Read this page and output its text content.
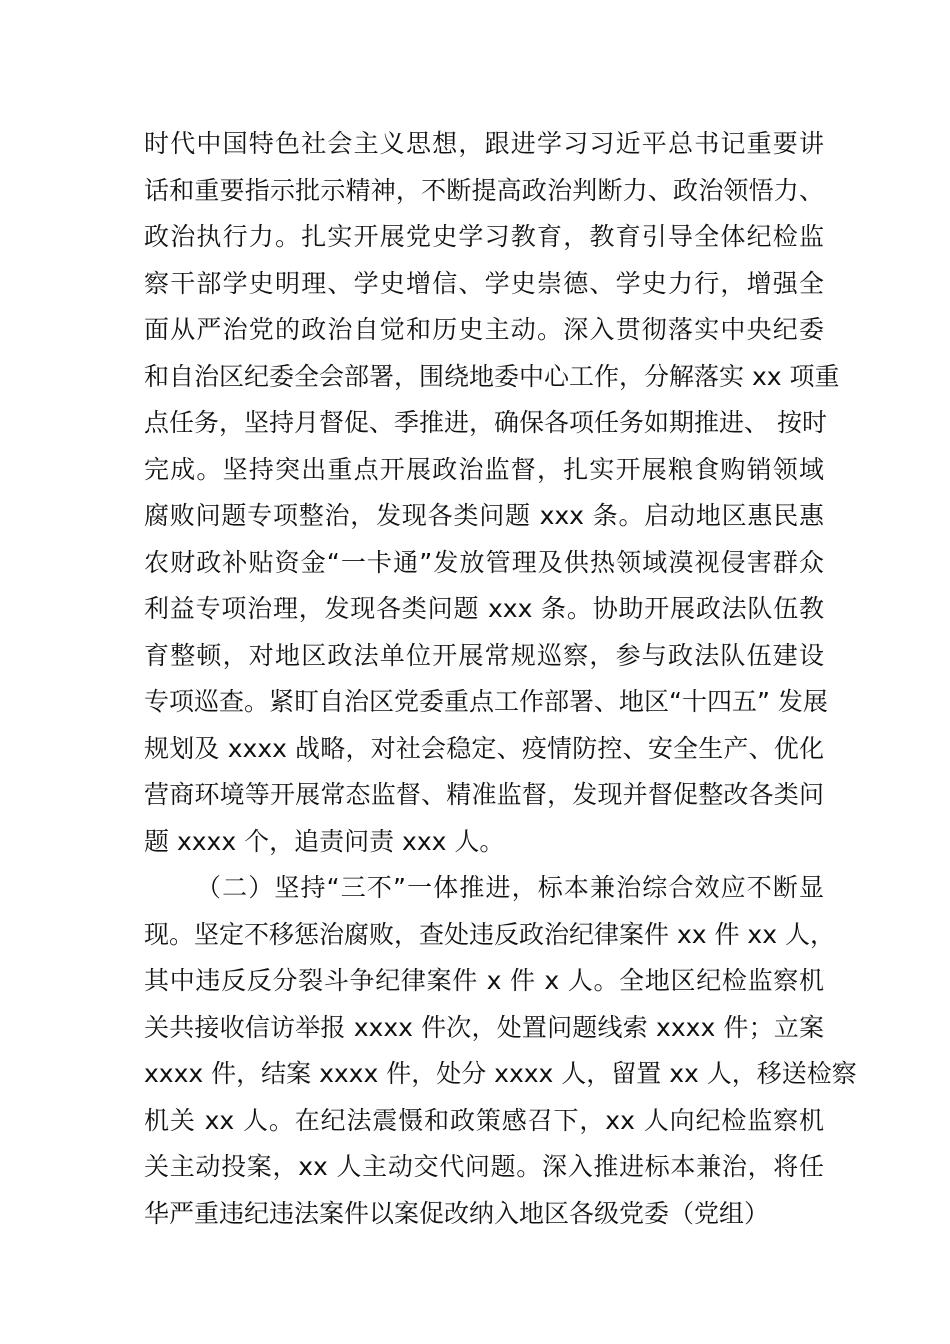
时代中国特色社会主义思想，跟进学习习近平总书记重要讲
话和重要指示批示精神，不断提高政治判断力、政治领悟力、
政治执行力。扎实开展党史学习教育，教育引导全体纪检监
察干部学史明理、学史增信、学史崇德、学史力行，增强全
面从严治党的政治自觉和历史主动。深入贯彻落实中央纪委
和自治区纪委全会部署，围绕地委中心工作，分解落实 xx 项重
点任务，坚持月督促、季推进，确保各项任务如期推进、 按时
完成。坚持突出重点开展政治监督，扎实开展粮食购销领域
腐败问题专项整治，发现各类问题 xxx 条。启动地区惠民惠
农财政补贴资金“一卡通”发放管理及供热领域漠视侵害群众
利益专项治理，发现各类问题 xxx 条。协助开展政法队伍教
育整顿，对地区政法单位开展常规巡察，参与政法队伍建设
专项巡查。紧盯自治区党委重点工作部署、地区“十四五” 发展
规划及 xxxx 战略，对社会稳定、疫情防控、安全生产、优化
营商环境等开展常态监督、精准监督，发现并督促整改各类问
题 xxxx 个，追责问责 xxx 人。
（二）坚持“三不”一体推进，标本兼治综合效应不断显
现。坚定不移惩治腐败，查处违反政治纪律案件 xx 件 xx 人，
其中违反反分裂斗争纪律案件 x 件 x 人。全地区纪检监察机
关共接收信访举报 xxxx 件次，处置问题线索 xxxx 件；立案
xxxx 件，结案 xxxx 件，处分 xxxx 人，留置 xx 人，移送检察
机关 xx 人。在纪法震慑和政策感召下，xx 人向纪检监察机
关主动投案，xx 人主动交代问题。深入推进标本兼治，将任
华严重违纪违法案件以案促改纳入地区各级党委（党组）
